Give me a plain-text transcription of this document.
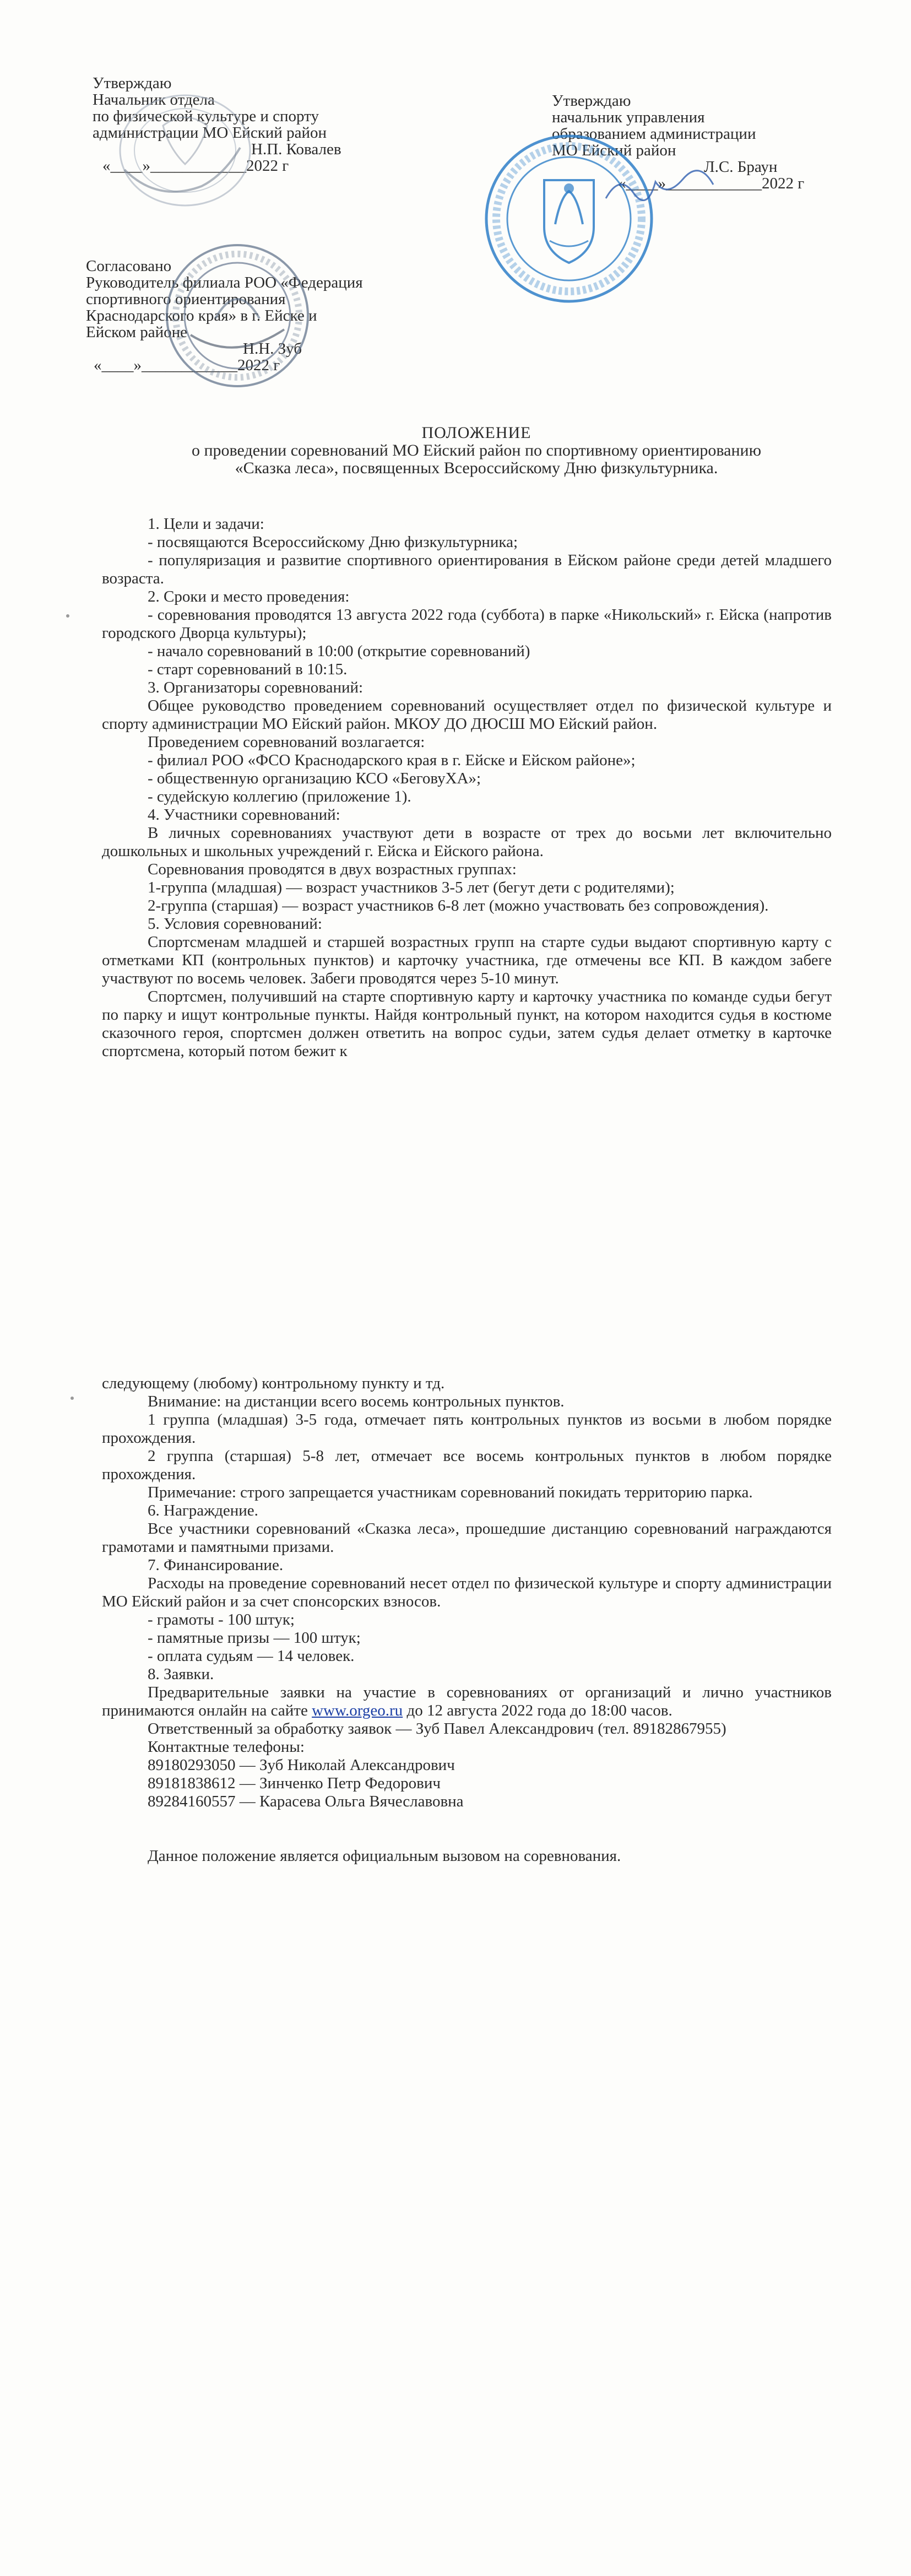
Утверждаю
Начальник отдела
по физической культуре и спорту
администрации МО Ейский район
Н.П. Ковалев
«____»____________2022 г
Утверждаю
начальник управления
образованием администрации
МО Ейский район
Л.С. Браун
«____»____________2022 г
Согласовано
Руководитель филиала РОО «Федерация
спортивного ориентирования
Краснодарского края» в г. Ейске и
Ейском районе
Н.Н. Зуб
«____»____________2022 г
ПОЛОЖЕНИЕ
о проведении соревнований МО Ейский район по спортивному ориентированию
«Сказка леса», посвященных Всероссийскому Дню физкультурника.

1. Цели и задачи:

- посвящаются Всероссийскому Дню физкультурника;

- популяризация и развитие спортивного ориентирования в Ейском районе среди детей младшего возраста.

2. Сроки и место проведения:

- соревнования проводятся 13 августа 2022 года (суббота) в парке «Никольский» г. Ейска (напротив городского Дворца культуры);

- начало соревнований в 10:00 (открытие соревнований)

- старт соревнований в 10:15.

3. Организаторы соревнований:

Общее руководство проведением соревнований осуществляет отдел по физической культуре и спорту администрации МО Ейский район. МКОУ ДО ДЮСШ МО Ейский район.

Проведением соревнований возлагается:

- филиал РОО «ФСО Краснодарского края в г. Ейске и Ейском районе»;

- общественную организацию КСО «БеговуХА»;

- судейскую коллегию (приложение 1).

4. Участники соревнований:

В личных соревнованиях участвуют дети в возрасте от трех до восьми лет включительно дошкольных и школьных учреждений г. Ейска и Ейского района.

Соревнования проводятся в двух возрастных группах:

1-группа (младшая) — возраст участников 3-5 лет (бегут дети с родителями);

2-группа (старшая) — возраст участников 6-8 лет (можно участвовать без сопровождения).

5. Условия соревнований:

Спортсменам младшей и старшей возрастных групп на старте судьи выдают спортивную карту с отметками КП (контрольных пунктов) и карточку участника, где отмечены все КП. В каждом забеге участвуют по восемь человек. Забеги проводятся через 5-10 минут.

Спортсмен, получивший на старте спортивную карту и карточку участника по команде судьи бегут по парку и ищут контрольные пункты. Найдя контрольный пункт, на котором находится судья в костюме сказочного героя, спортсмен должен ответить на вопрос судьи, затем судья делает отметку в карточке спортсмена, который потом бежит к

следующему (любому) контрольному пункту и тд.

Внимание: на дистанции всего восемь контрольных пунктов.

1 группа (младшая) 3-5 года, отмечает пять контрольных пунктов из восьми в любом порядке прохождения.

2 группа (старшая) 5-8 лет, отмечает все восемь контрольных пунктов в любом порядке прохождения.

Примечание: строго запрещается участникам соревнований покидать территорию парка.

6. Награждение.

Все участники соревнований «Сказка леса», прошедшие дистанцию соревнований награждаются грамотами и памятными призами.

7. Финансирование.

Расходы на проведение соревнований несет отдел по физической культуре и спорту администрации МО Ейский район и за счет спонсорских взносов.

- грамоты - 100 штук;

- памятные призы — 100 штук;

- оплата судьям — 14 человек.

8. Заявки.

Предварительные заявки на участие в соревнованиях от организаций и лично участников принимаются онлайн на сайте www.orgeo.ru до 12 августа 2022 года до 18:00 часов.

Ответственный за обработку заявок — Зуб Павел Александрович (тел. 89182867955)

Контактные телефоны:

89180293050 — Зуб Николай Александрович
89181838612 — Зинченко Петр Федорович
89284160557 — Карасева Ольга Вячеславовна

Данное положение является официальным вызовом на соревнования.
